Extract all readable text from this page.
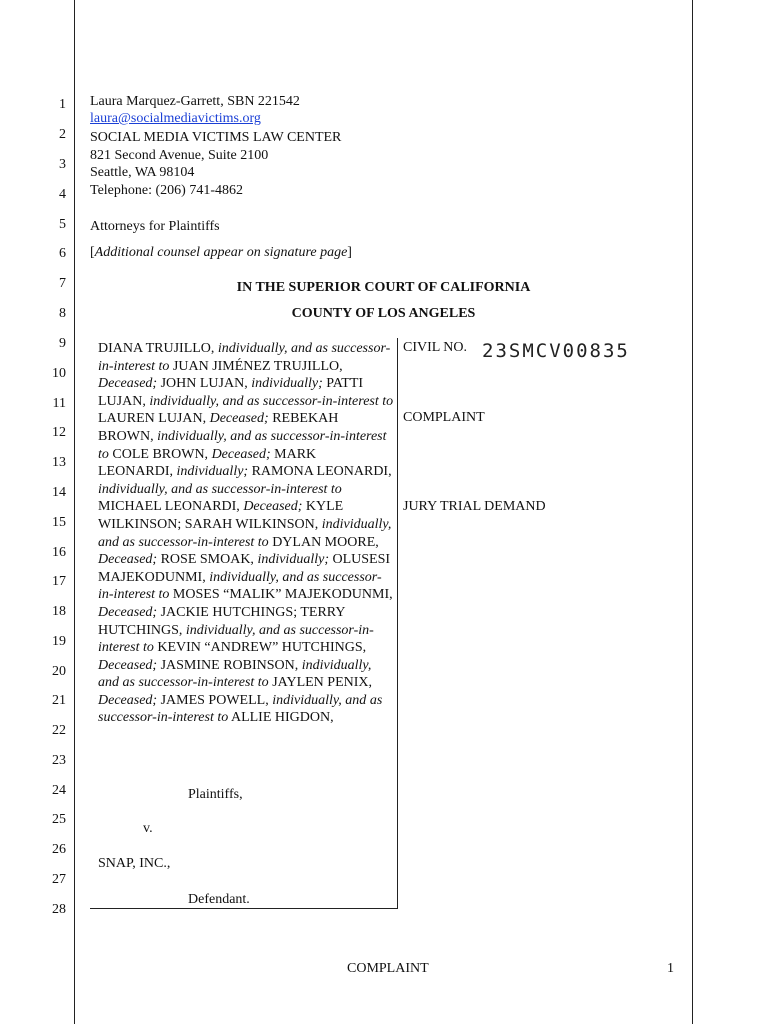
1
2
3
4
5
6
7
8
9
10
11
12
13
14
15
16
17
18
19
20
21
22
23
24
25
26
27
28
Laura Marquez-Garrett, SBN 221542
laura@socialmediavictims.org
SOCIAL MEDIA VICTIMS LAW CENTER
821 Second Avenue, Suite 2100
Seattle, WA 98104
Telephone: (206) 741-4862
Attorneys for Plaintiffs
[Additional counsel appear on signature page]
IN THE SUPERIOR COURT OF CALIFORNIA
COUNTY OF LOS ANGELES
DIANA TRUJILLO, individually, and as successor-in-interest to JUAN JIMÉNEZ TRUJILLO, Deceased; JOHN LUJAN, individually; PATTI LUJAN, individually, and as successor-in-interest to LAUREN LUJAN, Deceased; REBEKAH BROWN, individually, and as successor-in-interest to COLE BROWN, Deceased; MARK LEONARDI, individually; RAMONA LEONARDI, individually, and as successor-in-interest to MICHAEL LEONARDI, Deceased; KYLE WILKINSON; SARAH WILKINSON, individually, and as successor-in-interest to DYLAN MOORE, Deceased; ROSE SMOAK, individually; OLUSESI MAJEKODUNMI, individually, and as successor-in-interest to MOSES “MALIK” MAJEKODUNMI, Deceased; JACKIE HUTCHINGS; TERRY HUTCHINGS, individually, and as successor-in-interest to KEVIN “ANDREW” HUTCHINGS, Deceased; JASMINE ROBINSON, individually, and as successor-in-interest to JAYLEN PENIX, Deceased; JAMES POWELL, individually, and as successor-in-interest to ALLIE HIGDON,
Plaintiffs,
v.
SNAP, INC.,
Defendant.
CIVIL NO. 23SMCV00835
COMPLAINT
JURY TRIAL DEMAND
COMPLAINT	1
